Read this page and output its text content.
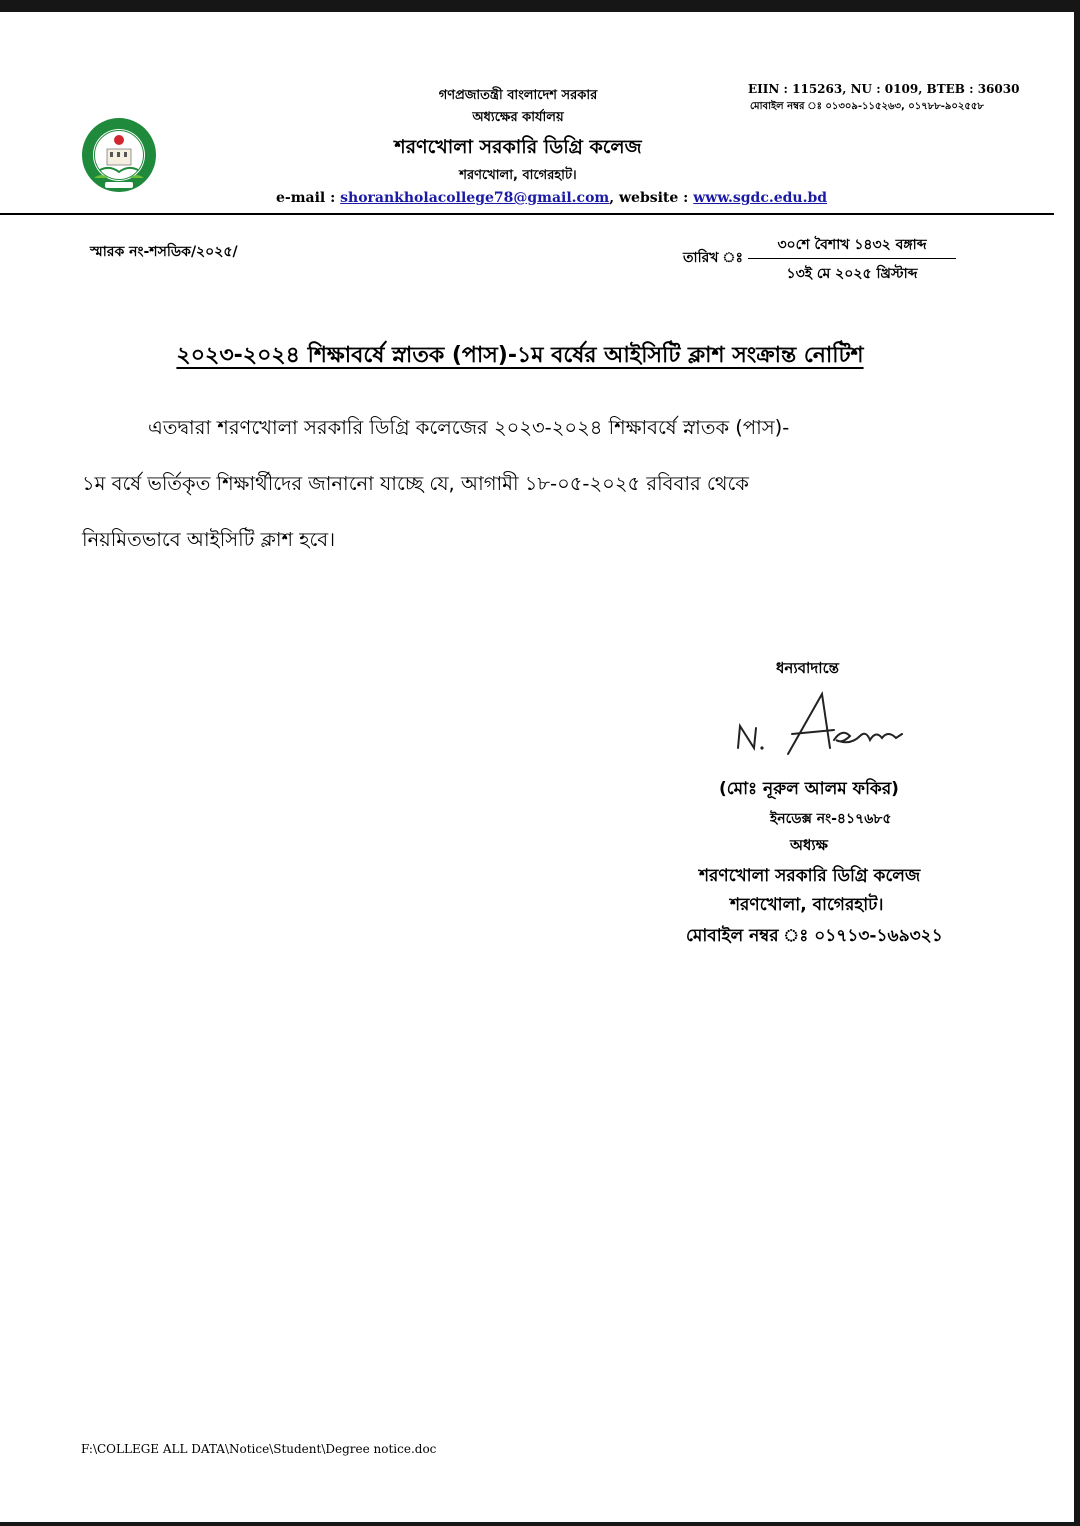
গণপ্রজাতন্ত্রী বাংলাদেশ সরকার
অধ্যক্ষের কার্যালয়
শরণখোলা সরকারি ডিগ্রি কলেজ
শরণখোলা, বাগেরহাট।
e-mail : shorankholacollege78@gmail.com, website : www.sgdc.edu.bd
EIIN : 115263, NU : 0109, BTEB : 36030
মোবাইল নম্বর ঃ ০১৩০৯-১১৫২৬৩, ০১৭৮৮-৯০২৫৫৮
স্মারক নং-শসডিক/২০২৫/	তারিখ ঃ
৩০শে বৈশাখ ১৪৩২ বঙ্গাব্দ
১৩ই মে ২০২৫ খ্রিস্টাব্দ
২০২৩-২০২৪ শিক্ষাবর্ষে স্নাতক (পাস)-১ম বর্ষের আইসিটি ক্লাশ সংক্রান্ত নোটিশ
এতদ্বারা শরণখোলা সরকারি ডিগ্রি কলেজের ২০২৩-২০২৪ শিক্ষাবর্ষে স্নাতক (পাস)-
১ম বর্ষে ভর্তিকৃত শিক্ষার্থীদের জানানো যাচ্ছে যে, আগামী ১৮-০৫-২০২৫ রবিবার থেকে
নিয়মিতভাবে আইসিটি ক্লাশ হবে।
ধন্যবাদান্তে
(মোঃ নূরুল আলম ফকির)
ইনডেক্স নং-৪১৭৬৮৫
অধ্যক্ষ
শরণখোলা সরকারি ডিগ্রি কলেজ
শরণখোলা, বাগেরহাট।
মোবাইল নম্বর ঃ ০১৭১৩-১৬৯৩২১
F:\COLLEGE ALL DATA\Notice\Student\Degree notice.doc
